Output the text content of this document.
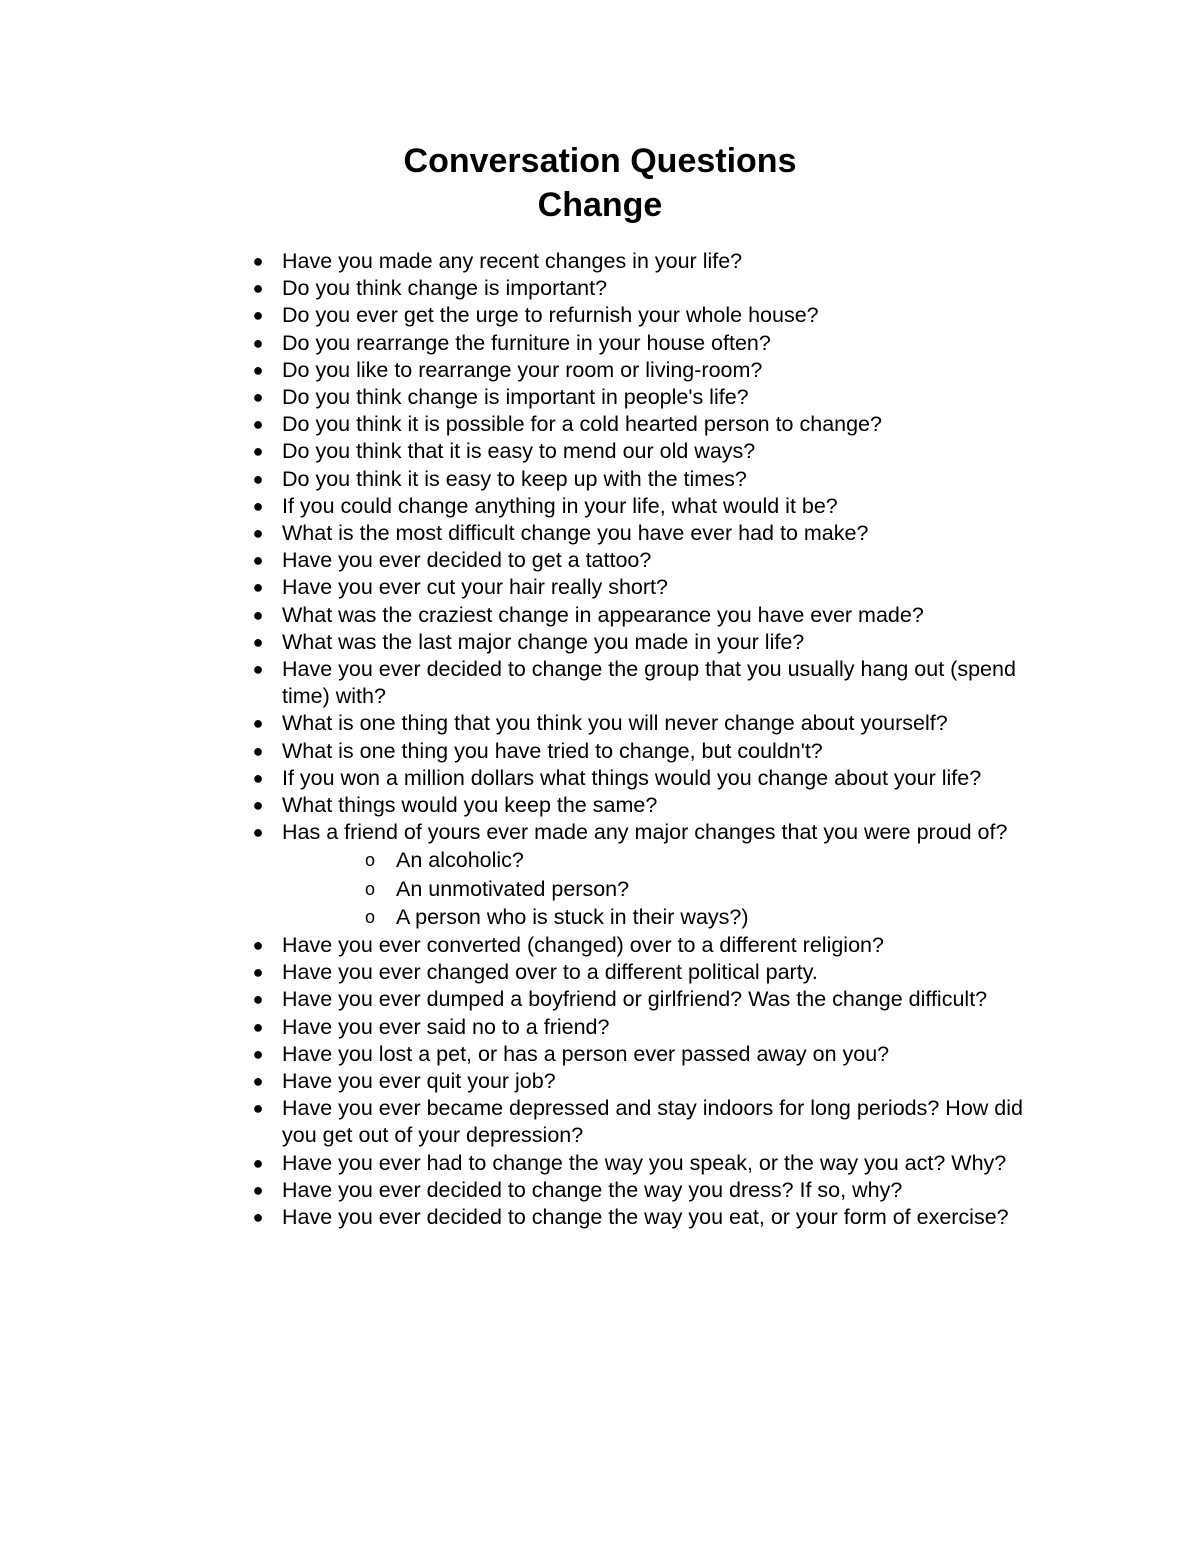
Conversation Questions
Change
● Have you made any recent changes in your life?
● Do you think change is important?
● Do you ever get the urge to refurnish your whole house?
● Do you rearrange the furniture in your house often?
● Do you like to rearrange your room or living-room?
● Do you think change is important in people's life?
● Do you think it is possible for a cold hearted person to change?
● Do you think that it is easy to mend our old ways?
● Do you think it is easy to keep up with the times?
● If you could change anything in your life, what would it be?
● What is the most difficult change you have ever had to make?
● Have you ever decided to get a tattoo?
● Have you ever cut your hair really short?
● What was the craziest change in appearance you have ever made?
● What was the last major change you made in your life?
● Have you ever decided to change the group that you usually hang out (spend time) with?
● What is one thing that you think you will never change about yourself?
● What is one thing you have tried to change, but couldn't?
● If you won a million dollars what things would you change about your life?
● What things would you keep the same?
● Has a friend of yours ever made any major changes that you were proud of?
o An alcoholic?
o An unmotivated person?
o A person who is stuck in their ways?)
● Have you ever converted (changed) over to a different religion?
● Have you ever changed over to a different political party.
● Have you ever dumped a boyfriend or girlfriend? Was the change difficult?
● Have you ever said no to a friend?
● Have you lost a pet, or has a person ever passed away on you?
● Have you ever quit your job?
● Have you ever became depressed and stay indoors for long periods? How did you get out of your depression?
● Have you ever had to change the way you speak, or the way you act? Why?
● Have you ever decided to change the way you dress? If so, why?
● Have you ever decided to change the way you eat, or your form of exercise?
